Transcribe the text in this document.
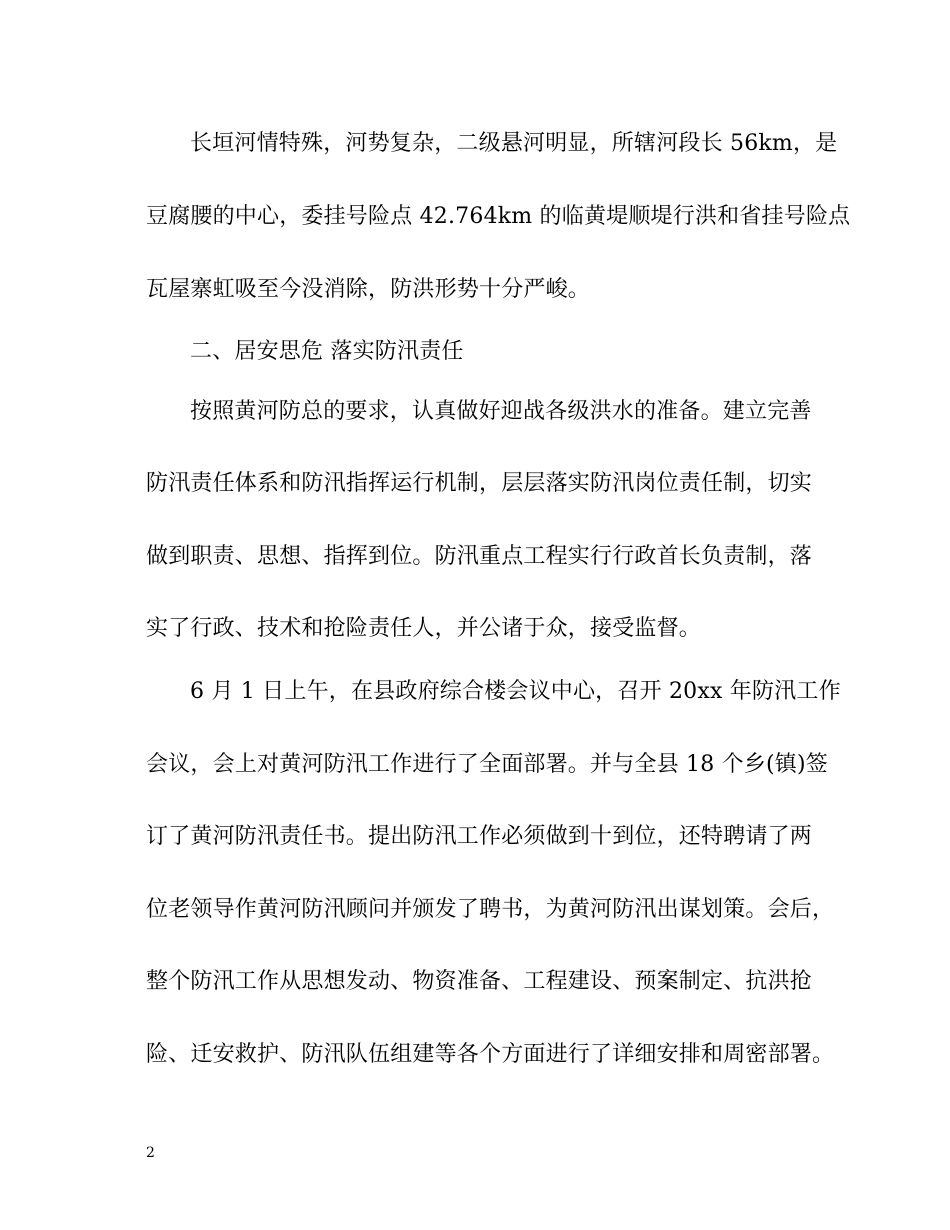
长垣河情特殊，河势复杂，二级悬河明显，所辖河段长 56km，是
豆腐腰的中心，委挂号险点 42.764km 的临黄堤顺堤行洪和省挂号险点
瓦屋寨虹吸至今没消除，防洪形势十分严峻。
二、居安思危 落实防汛责任
按照黄河防总的要求，认真做好迎战各级洪水的准备。建立完善
防汛责任体系和防汛指挥运行机制，层层落实防汛岗位责任制，切实
做到职责、思想、指挥到位。防汛重点工程实行行政首长负责制，落
实了行政、技术和抢险责任人，并公诸于众，接受监督。
6 月 1 日上午，在县政府综合楼会议中心，召开 20xx 年防汛工作
会议，会上对黄河防汛工作进行了全面部署。并与全县 18 个乡(镇)签
订了黄河防汛责任书。提出防汛工作必须做到十到位，还特聘请了两
位老领导作黄河防汛顾问并颁发了聘书，为黄河防汛出谋划策。会后，
整个防汛工作从思想发动、物资准备、工程建设、预案制定、抗洪抢
险、迁安救护、防汛队伍组建等各个方面进行了详细安排和周密部署。
2
